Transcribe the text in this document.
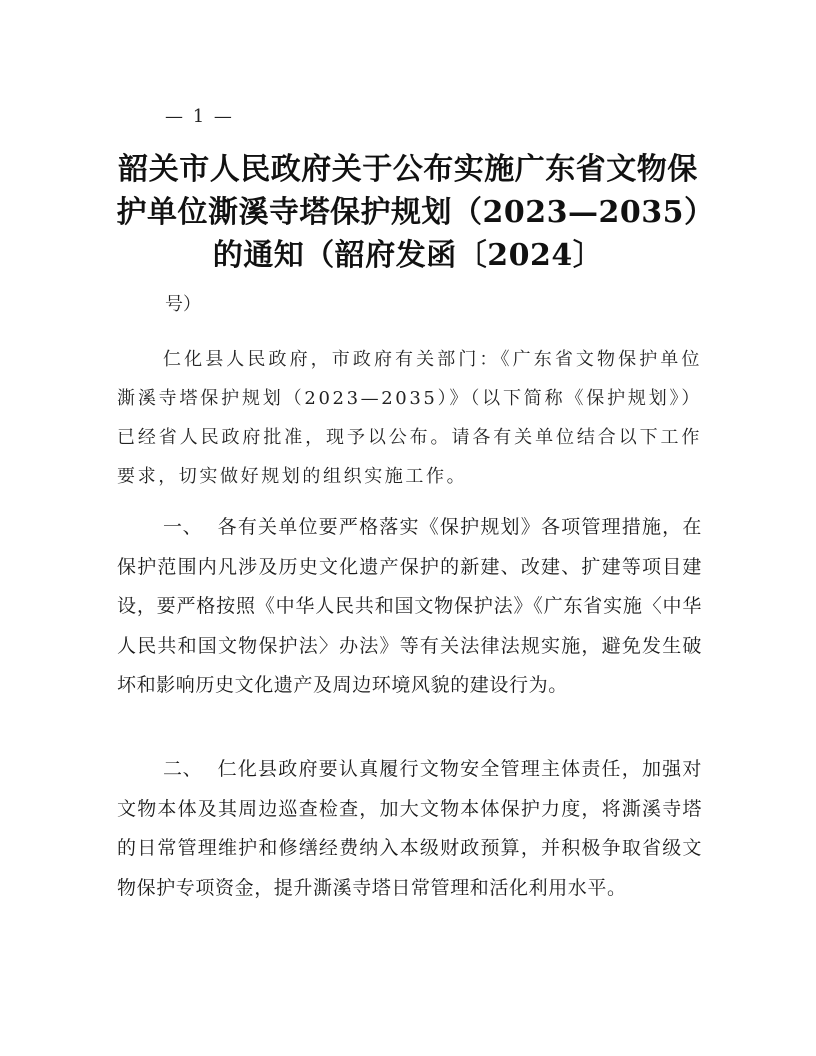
— 1 —
韶关市人民政府关于公布实施广东省文物保护单位澌溪寺塔保护规划（2023—2035）的通知（韶府发函〔2024〕
号）

仁化县人民政府，市政府有关部门：《广东省文物保护单位澌溪寺塔保护规划（2023—2035）》（以下简称《保护规划》）已经省人民政府批准，现予以公布。请各有关单位结合以下工作要求，切实做好规划的组织实施工作。

一、 各有关单位要严格落实《保护规划》各项管理措施，在保护范围内凡涉及历史文化遗产保护的新建、改建、扩建等项目建设，要严格按照《中华人民共和国文物保护法》《广东省实施〈中华人民共和国文物保护法〉办法》等有关法律法规实施，避免发生破坏和影响历史文化遗产及周边环境风貌的建设行为。

二、 仁化县政府要认真履行文物安全管理主体责任，加强对文物本体及其周边巡查检查，加大文物本体保护力度，将澌溪寺塔的日常管理维护和修缮经费纳入本级财政预算，并积极争取省级文物保护专项资金，提升澌溪寺塔日常管理和活化利用水平。
